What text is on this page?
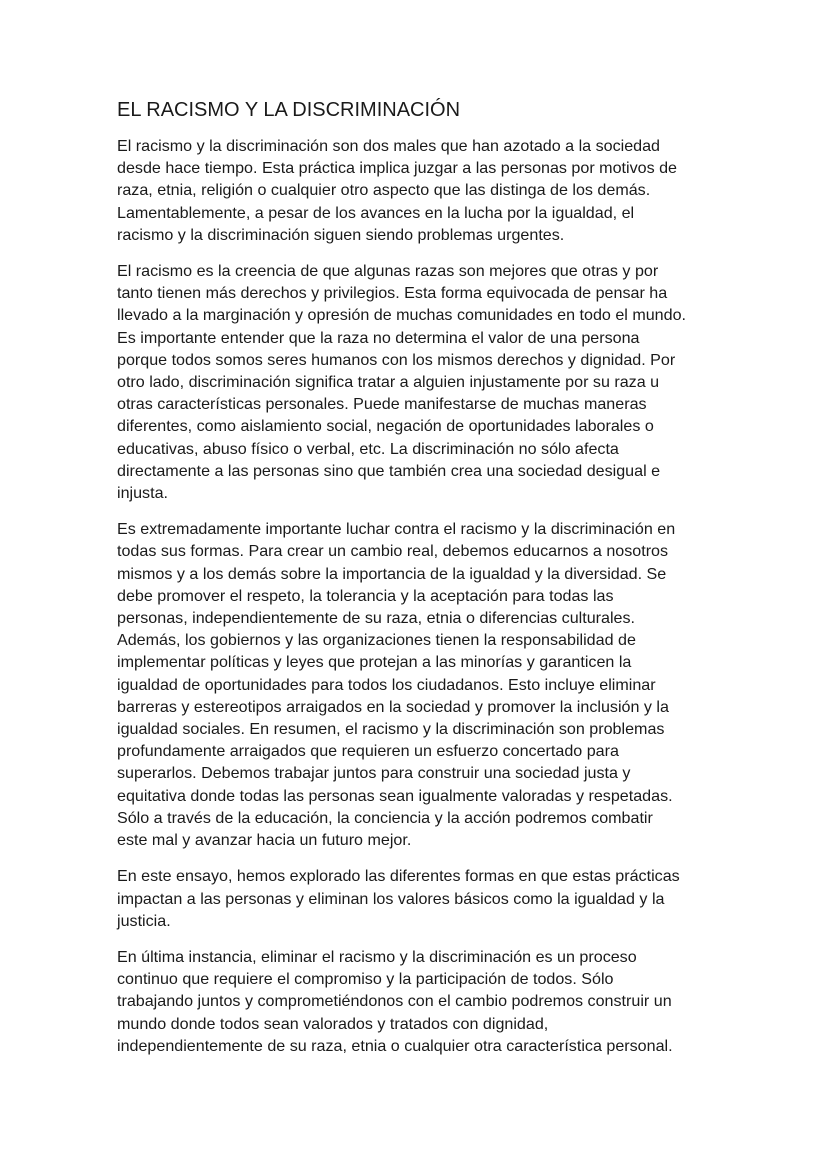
EL RACISMO Y LA DISCRIMINACIÓN

El racismo y la discriminación son dos males que han azotado a la sociedad
desde hace tiempo. Esta práctica implica juzgar a las personas por motivos de
raza, etnia, religión o cualquier otro aspecto que las distinga de los demás.
Lamentablemente, a pesar de los avances en la lucha por la igualdad, el
racismo y la discriminación siguen siendo problemas urgentes.

El racismo es la creencia de que algunas razas son mejores que otras y por
tanto tienen más derechos y privilegios. Esta forma equivocada de pensar ha
llevado a la marginación y opresión de muchas comunidades en todo el mundo.
Es importante entender que la raza no determina el valor de una persona
porque todos somos seres humanos con los mismos derechos y dignidad. Por
otro lado, discriminación significa tratar a alguien injustamente por su raza u
otras características personales. Puede manifestarse de muchas maneras
diferentes, como aislamiento social, negación de oportunidades laborales o
educativas, abuso físico o verbal, etc. La discriminación no sólo afecta
directamente a las personas sino que también crea una sociedad desigual e
injusta.

Es extremadamente importante luchar contra el racismo y la discriminación en
todas sus formas. Para crear un cambio real, debemos educarnos a nosotros
mismos y a los demás sobre la importancia de la igualdad y la diversidad. Se
debe promover el respeto, la tolerancia y la aceptación para todas las
personas, independientemente de su raza, etnia o diferencias culturales.
Además, los gobiernos y las organizaciones tienen la responsabilidad de
implementar políticas y leyes que protejan a las minorías y garanticen la
igualdad de oportunidades para todos los ciudadanos. Esto incluye eliminar
barreras y estereotipos arraigados en la sociedad y promover la inclusión y la
igualdad sociales. En resumen, el racismo y la discriminación son problemas
profundamente arraigados que requieren un esfuerzo concertado para
superarlos. Debemos trabajar juntos para construir una sociedad justa y
equitativa donde todas las personas sean igualmente valoradas y respetadas.
Sólo a través de la educación, la conciencia y la acción podremos combatir
este mal y avanzar hacia un futuro mejor.

En este ensayo, hemos explorado las diferentes formas en que estas prácticas
impactan a las personas y eliminan los valores básicos como la igualdad y la
justicia.

En última instancia, eliminar el racismo y la discriminación es un proceso
continuo que requiere el compromiso y la participación de todos. Sólo
trabajando juntos y comprometiéndonos con el cambio podremos construir un
mundo donde todos sean valorados y tratados con dignidad,
independientemente de su raza, etnia o cualquier otra característica personal.
